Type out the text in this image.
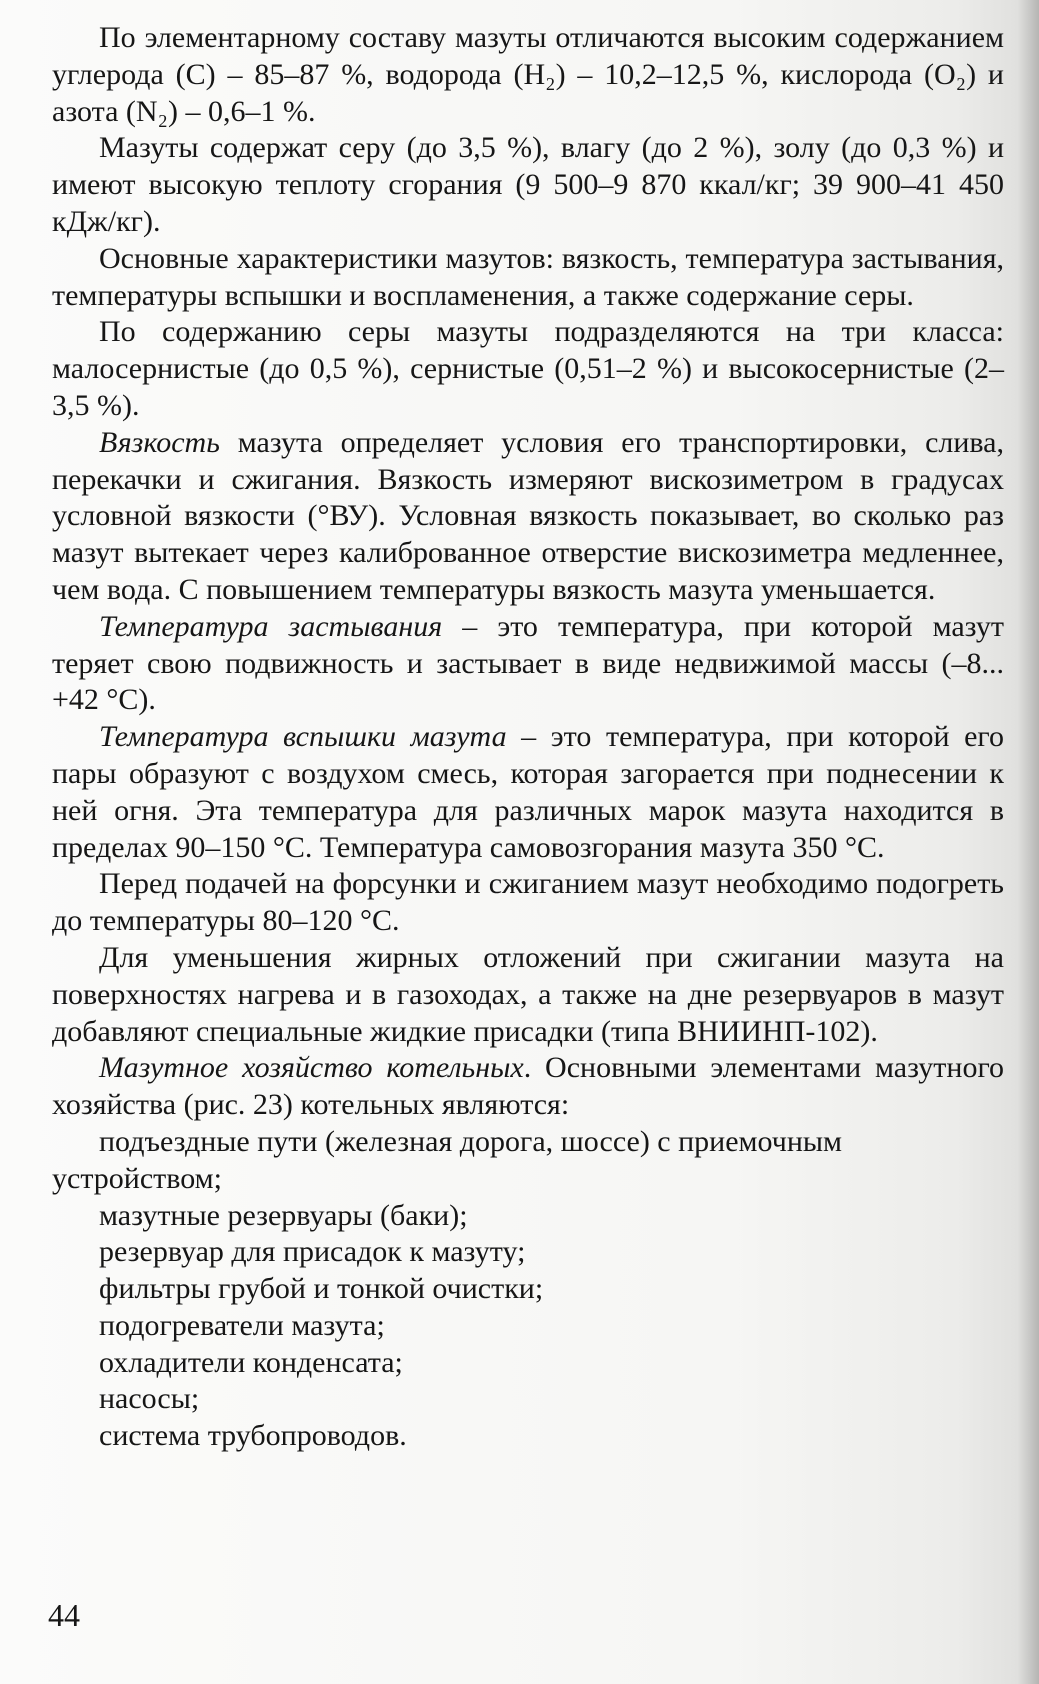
По элементарному составу мазуты отличаются высоким содержанием углерода (С) – 85–87 %, водорода (Н₂) – 10,2–12,5 %, кислорода (О₂) и азота (N₂) – 0,6–1 %.

Мазуты содержат серу (до 3,5 %), влагу (до 2 %), золу (до 0,3 %) и имеют высокую теплоту сгорания (9 500–9 870 ккал/кг; 39 900–41 450 кДж/кг).

Основные характеристики мазутов: вязкость, температура застывания, температуры вспышки и воспламенения, а также содержание серы.

По содержанию серы мазуты подразделяются на три класса: малосернистые (до 0,5 %), сернистые (0,51–2 %) и высокосернистые (2–3,5 %).

Вязкость мазута определяет условия его транспортировки, слива, перекачки и сжигания. Вязкость измеряют вискозиметром в градусах условной вязкости (°ВУ). Условная вязкость показывает, во сколько раз мазут вытекает через калиброванное отверстие вискозиметра медленнее, чем вода. С повышением температуры вязкость мазута уменьшается.

Температура застывания – это температура, при которой мазут теряет свою подвижность и застывает в виде недвижимой массы (–8... +42 °С).

Температура вспышки мазута – это температура, при которой его пары образуют с воздухом смесь, которая загорается при поднесении к ней огня. Эта температура для различных марок мазута находится в пределах 90–150 °С. Температура самовозгорания мазута 350 °С.

Перед подачей на форсунки и сжиганием мазут необходимо подогреть до температуры 80–120 °С.

Для уменьшения жирных отложений при сжигании мазута на поверхностях нагрева и в газоходах, а также на дне резервуаров в мазут добавляют специальные жидкие присадки (типа ВНИИНП-102).

Мазутное хозяйство котельных. Основными элементами мазутного хозяйства (рис. 23) котельных являются:

подъездные пути (железная дорога, шоссе) с приемочным устройством;

мазутные резервуары (баки);

резервуар для присадок к мазуту;

фильтры грубой и тонкой очистки;

подогреватели мазута;

охладители конденсата;

насосы;

система трубопроводов.

44
